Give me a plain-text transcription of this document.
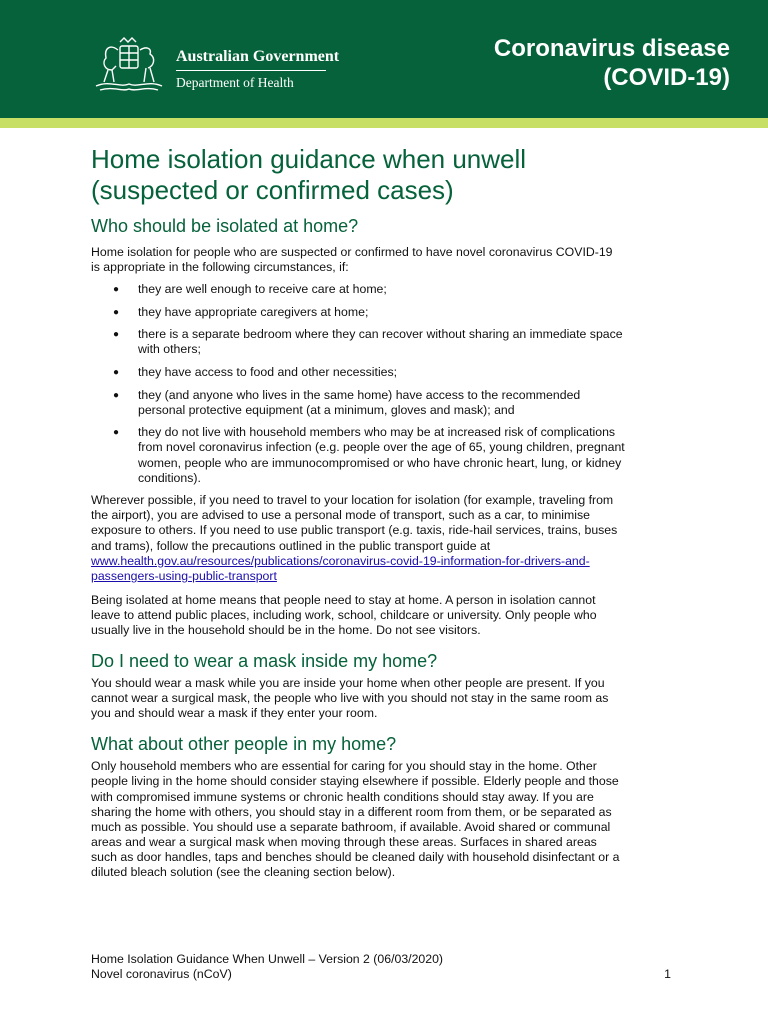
Australian Government
Department of Health
Coronavirus disease
(COVID-19)
Home isolation guidance when unwell
(suspected or confirmed cases)
Who should be isolated at home?

Home isolation for people who are suspected or confirmed to have novel coronavirus COVID-19
is appropriate in the following circumstances, if:

● they are well enough to receive care at home;
● they have appropriate caregivers at home;
● there is a separate bedroom where they can recover without sharing an immediate space
with others;
● they have access to food and other necessities;
● they (and anyone who lives in the same home) have access to the recommended
personal protective equipment (at a minimum, gloves and mask); and
● they do not live with household members who may be at increased risk of complications
from novel coronavirus infection (e.g. people over the age of 65, young children, pregnant
women, people who are immunocompromised or who have chronic heart, lung, or kidney
conditions).

Wherever possible, if you need to travel to your location for isolation (for example, traveling from
the airport), you are advised to use a personal mode of transport, such as a car, to minimise
exposure to others. If you need to use public transport (e.g. taxis, ride-hail services, trains, buses
and trams), follow the precautions outlined in the public transport guide at
www.health.gov.au/resources/publications/coronavirus-covid-19-information-for-drivers-and-
passengers-using-public-transport

Being isolated at home means that people need to stay at home. A person in isolation cannot
leave to attend public places, including work, school, childcare or university. Only people who
usually live in the household should be in the home. Do not see visitors.

Do I need to wear a mask inside my home?

You should wear a mask while you are inside your home when other people are present. If you
cannot wear a surgical mask, the people who live with you should not stay in the same room as
you and should wear a mask if they enter your room.

What about other people in my home?

Only household members who are essential for caring for you should stay in the home. Other
people living in the home should consider staying elsewhere if possible. Elderly people and those
with compromised immune systems or chronic health conditions should stay away. If you are
sharing the home with others, you should stay in a different room from them, or be separated as
much as possible. You should use a separate bathroom, if available. Avoid shared or communal
areas and wear a surgical mask when moving through these areas. Surfaces in shared areas
such as door handles, taps and benches should be cleaned daily with household disinfectant or a
diluted bleach solution (see the cleaning section below).

Home Isolation Guidance When Unwell – Version 2 (06/03/2020)
Novel coronavirus (nCoV)	1
